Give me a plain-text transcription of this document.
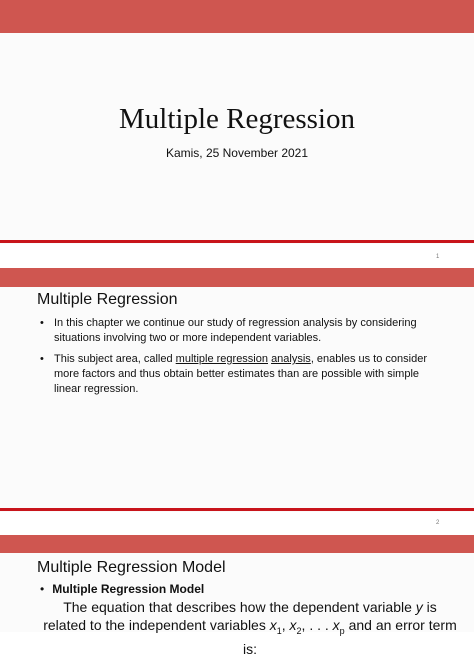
Multiple Regression
Kamis, 25 November 2021
1
Multiple Regression
• In this chapter we continue our study of regression analysis by considering situations involving two or more independent variables.
• This subject area, called multiple regression analysis, enables us to consider more factors and thus obtain better estimates than are possible with simple linear regression.
2
Multiple Regression Model
• Multiple Regression Model
The equation that describes how the dependent variable y is
related to the independent variables $x_1$, $x_2$, . . . $x_p$ and an error term is:
